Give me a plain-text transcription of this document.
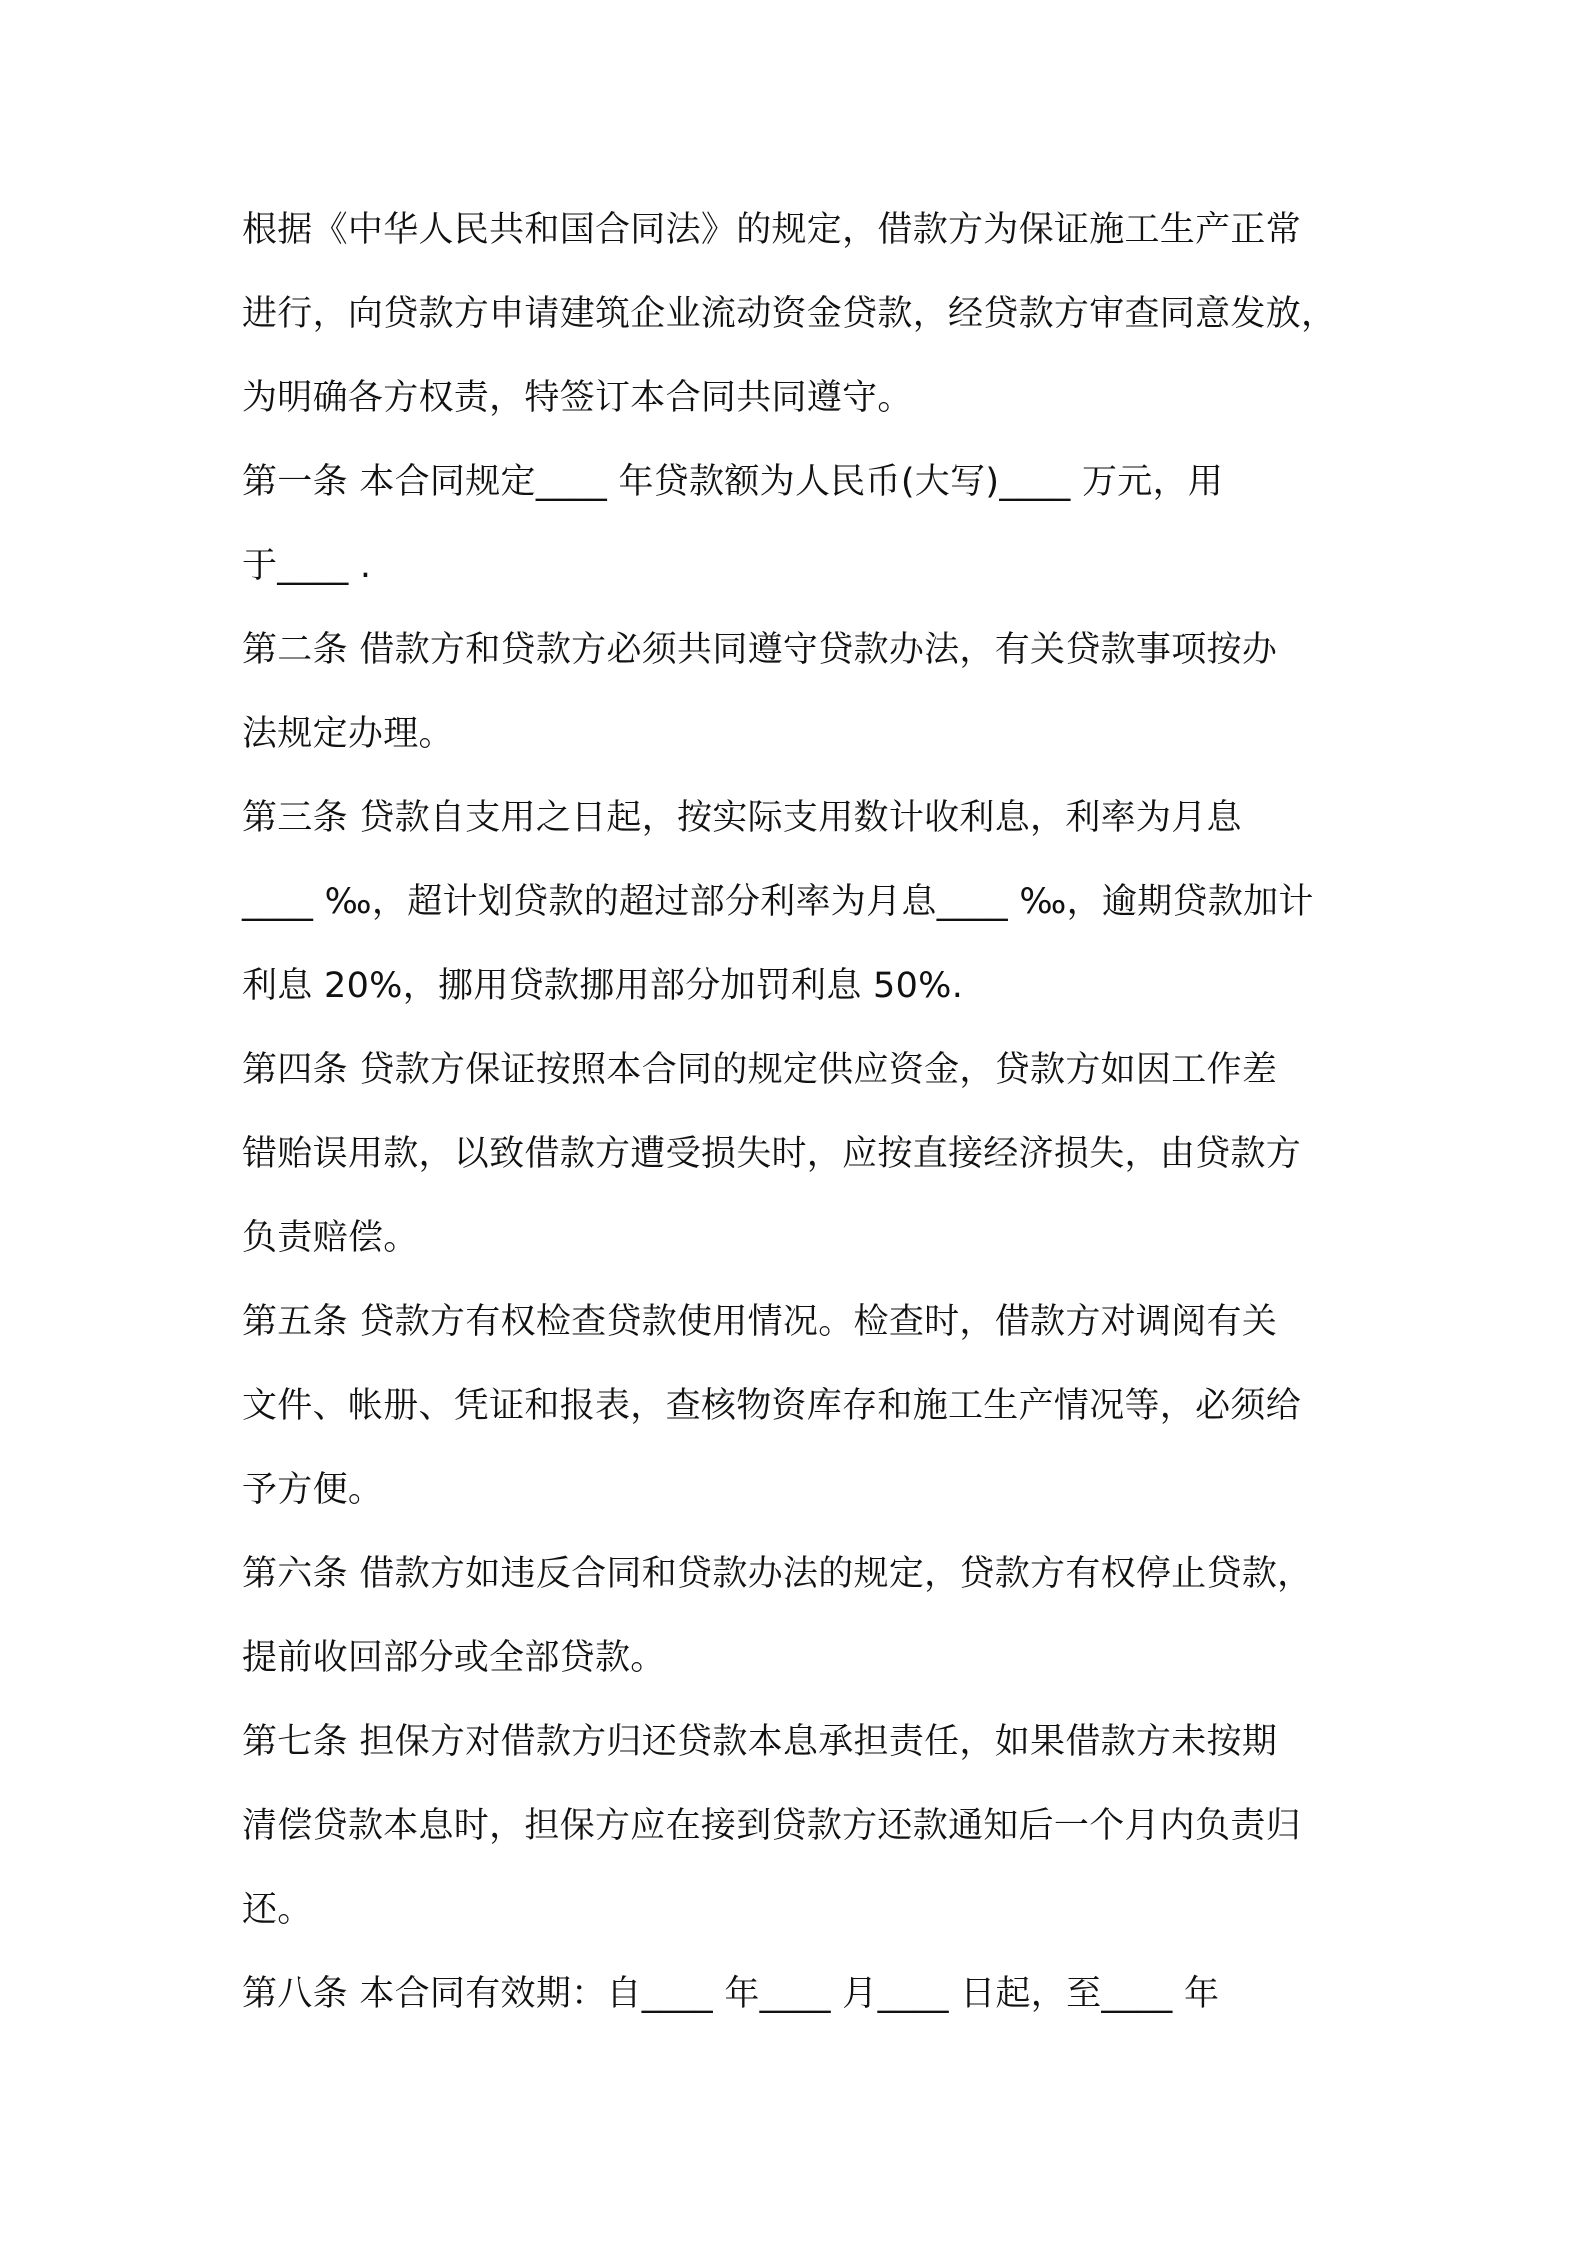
根据《中华人民共和国合同法》的规定，借款方为保证施工生产正常
进行，向贷款方申请建筑企业流动资金贷款，经贷款方审查同意发放，
为明确各方权责，特签订本合同共同遵守。
第一条 本合同规定____ 年贷款额为人民币(大写)____ 万元，用
于____ .
第二条 借款方和贷款方必须共同遵守贷款办法，有关贷款事项按办
法规定办理。
第三条 贷款自支用之日起，按实际支用数计收利息，利率为月息
____ ‰，超计划贷款的超过部分利率为月息____ ‰，逾期贷款加计
利息 20%，挪用贷款挪用部分加罚利息 50%.
第四条 贷款方保证按照本合同的规定供应资金，贷款方如因工作差
错贻误用款，以致借款方遭受损失时，应按直接经济损失，由贷款方
负责赔偿。
第五条 贷款方有权检查贷款使用情况。检查时，借款方对调阅有关
文件、帐册、凭证和报表，查核物资库存和施工生产情况等，必须给
予方便。
第六条 借款方如违反合同和贷款办法的规定，贷款方有权停止贷款，
提前收回部分或全部贷款。
第七条 担保方对借款方归还贷款本息承担责任，如果借款方未按期
清偿贷款本息时，担保方应在接到贷款方还款通知后一个月内负责归
还。
第八条 本合同有效期：自____ 年____ 月____ 日起，至____ 年
